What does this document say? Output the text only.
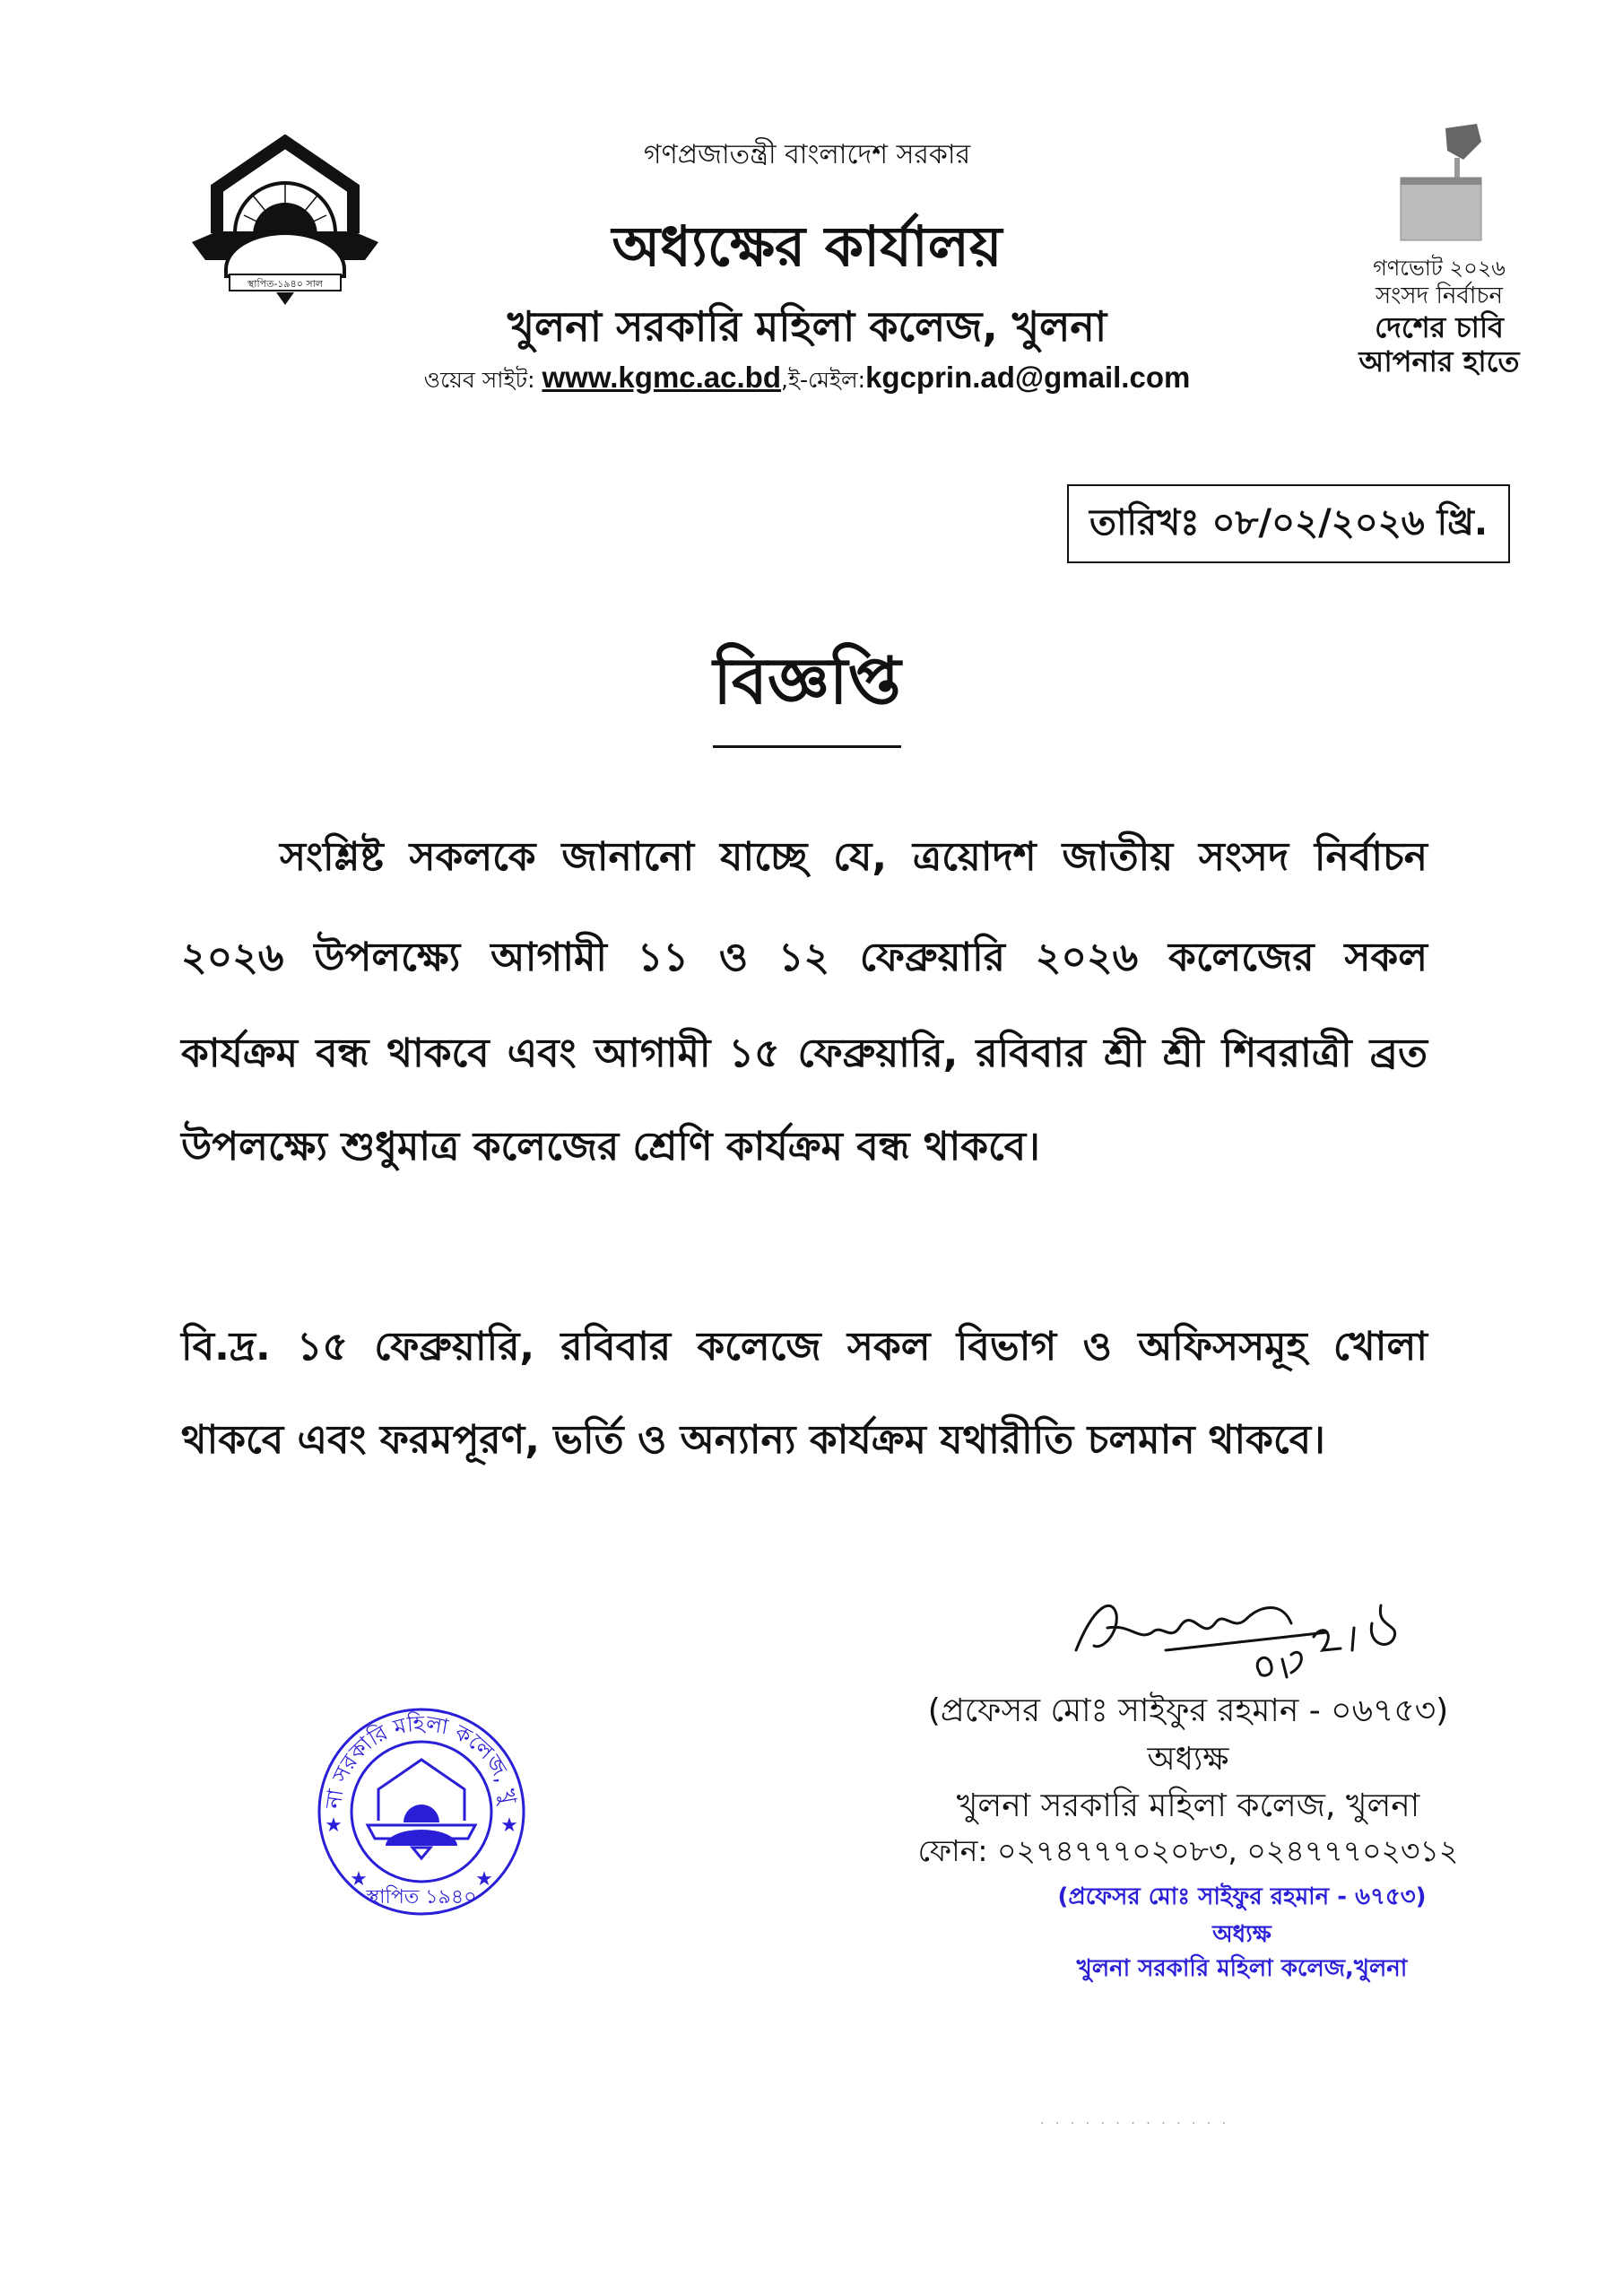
স্থাপিত-১৯৪০ সাল
গণপ্রজাতন্ত্রী বাংলাদেশ সরকার
অধ্যক্ষের কার্যালয়
খুলনা সরকারি মহিলা কলেজ, খুলনা
ওয়েব সাইট: www.kgmc.ac.bd,ই-মেইল:kgcprin.ad@gmail.com
গণভোট ২০২৬
সংসদ নির্বাচন
দেশের চাবি
আপনার হাতে
তারিখঃ ০৮/০২/২০২৬ খ্রি.
বিজ্ঞপ্তি
সংশ্লিষ্ট সকলকে জানানো যাচ্ছে যে, ত্রয়োদশ জাতীয় সংসদ নির্বাচন
২০২৬ উপলক্ষ্যে আগামী ১১ ও ১২ ফেব্রুয়ারি ২০২৬ কলেজের সকল
কার্যক্রম বন্ধ থাকবে এবং আগামী ১৫ ফেব্রুয়ারি, রবিবার শ্রী শ্রী শিবরাত্রী ব্রত
উপলক্ষ্যে শুধুমাত্র কলেজের শ্রেণি কার্যক্রম বন্ধ থাকবে।
বি.দ্র. ১৫ ফেব্রুয়ারি, রবিবার কলেজে সকল বিভাগ ও অফিসসমূহ খোলা
থাকবে এবং ফরমপূরণ, ভর্তি ও অন্যান্য কার্যক্রম যথারীতি চলমান থাকবে।
(প্রফেসর মোঃ সাইফুর রহমান - ০৬৭৫৩)
অধ্যক্ষ
খুলনা সরকারি মহিলা কলেজ, খুলনা
ফোন: ০২৭৪৭৭৭০২০৮৩, ০২৪৭৭৭০২৩১২
(প্রফেসর মোঃ সাইফুর রহমান - ৬৭৫৩)
অধ্যক্ষ
খুলনা সরকারি মহিলা কলেজ,খুলনা
না সরকারি মহিলা কলেজ, খু
স্থাপিত ১৯৪০
★	★
★	★
· · · · · · · · · · · · ·
